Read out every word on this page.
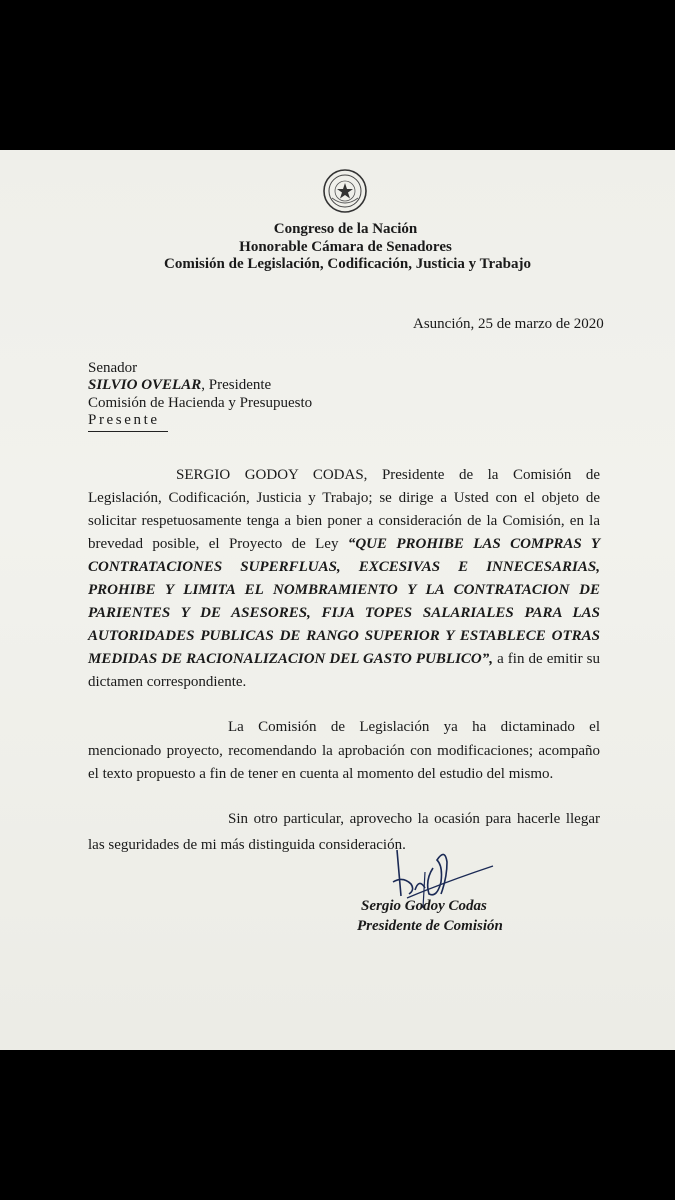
Congreso de la Nación
Honorable Cámara de Senadores
Comisión de Legislación, Codificación, Justicia y Trabajo
Asunción, 25 de marzo de 2020
Senador
SILVIO OVELAR, Presidente
Comisión de Hacienda y Presupuesto
Presente
SERGIO GODOY CODAS, Presidente de la Comisión de Legislación, Codificación, Justicia y Trabajo; se dirige a Usted con el objeto de solicitar respetuosamente tenga a bien poner a consideración de la Comisión, en la brevedad posible, el Proyecto de Ley “QUE PROHIBE LAS COMPRAS Y CONTRATACIONES SUPERFLUAS, EXCESIVAS E INNECESARIAS, PROHIBE Y LIMITA EL NOMBRAMIENTO Y LA CONTRATACION DE PARIENTES Y DE ASESORES, FIJA TOPES SALARIALES PARA LAS AUTORIDADES PUBLICAS DE RANGO SUPERIOR Y ESTABLECE OTRAS MEDIDAS DE RACIONALIZACION DEL GASTO PUBLICO”, a fin de emitir su dictamen correspondiente.
La Comisión de Legislación ya ha dictaminado el mencionado proyecto, recomendando la aprobación con modificaciones; acompaño el texto propuesto a fin de tener en cuenta al momento del estudio del mismo.
Sin otro particular, aprovecho la ocasión para hacerle llegar las seguridades de mi más distinguida consideración.
Sergio Godoy Codas
Presidente de Comisión
